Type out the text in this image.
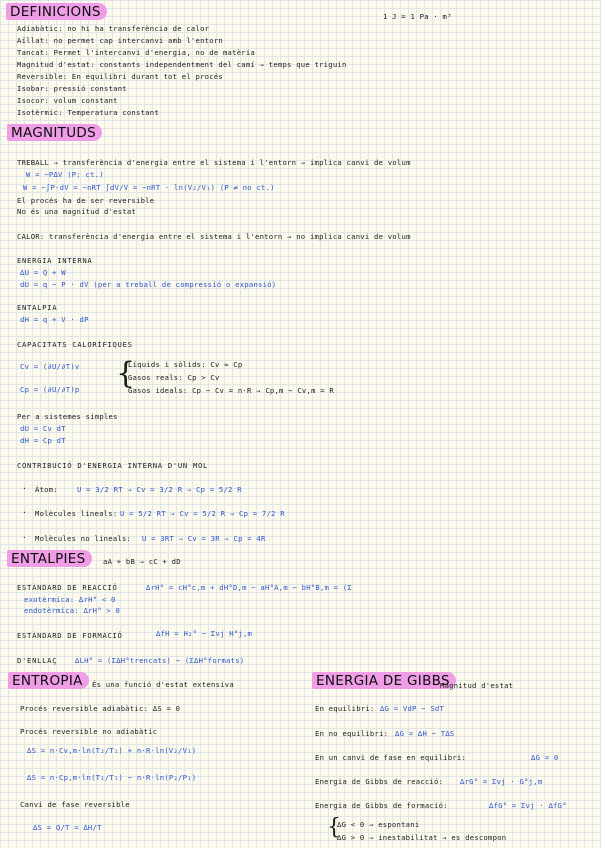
1 J = 1 Pa · m³
DEFINICIONS
Adiabàtic: no hi ha transferència de calor
Aïllat: no permet cap intercanvi amb l'entorn
Tancat: Permet l'intercanvi d'energia, no de matèria
Magnitud d'estat: constants independentment del camí → temps que triguin
Reversible: En equilibri durant tot el procés
Isobar: pressió constant
Isocor: volum constant
Isotèrmic: Temperatura constant
MAGNITUDS
TREBALL → transferència d'energia entre el sistema i l'entorn → implica canvi de volum
W = −P∆V (P: ct.)
W = −∫P·dV = −nRT ∫dV/V = −nRT · ln(V₂/V₁) (P ≠ no ct.)
El procés ha de ser reversible
No és una magnitud d'estat
CALOR: transferència d'energia entre el sistema i l'entorn → no implica canvi de volum
ENERGIA INTERNA
∆U = Q + W
dU = q − P · dV (per a treball de compressió o expansió)
ENTALPIA
dH = q + V · dP
CAPACITATS CALORÍFIQUES
Cv = (∂U/∂T)v
Cp = (∂U/∂T)p {
Líquids i sòlids: Cv ≈ Cp
Gasos reals: Cp > Cv
Gasos ideals: Cp − Cv = n·R → Cp,m − Cv,m = R
Per a sistemes simples
dU = Cv dT
dH = Cp dT
CONTRIBUCIÓ D'ENERGIA INTERNA D'UN MOL
· Àtom:	U = 3/2 RT → Cv = 3/2 R → Cp = 5/2 R
· Molècules lineals: U = 5/2 RT → Cv = 5/2 R → Cp = 7/2 R
· Molècules no lineals: U = 3RT → Cv = 3R → Cp = 4R
ENTALPIES	aA + bB → cC + dD
ESTÀNDARD DE REACCIÓ	∆rH° = cH°c,m + dH°D,m − aH°A,m − bH°B,m = (Σ
exotèrmica: ∆rH° < 0
endotèrmica: ∆rH° > 0
ESTÀNDARD DE FORMACIÓ	∆fH = H₂° − Σνj H°j,m
D'ENLLAÇ ∆LH° = (Σ∆H°trencats) − (Σ∆H°formats)
ENTROPIA	És una funció d'estat extensiva
Procés reversible adiabàtic: ∆S = 0
Procés reversible no adiabàtic
∆S = n·Cv,m·ln(T₂/T₁) + n·R·ln(V₂/V₁)
∆S = n·Cp,m·ln(T₂/T₁) − n·R·ln(P₂/P₁)
Canvi de fase reversible
∆S = Q/T = ∆H/T
ENERGIA DE GIBBS
Magnitud d'estat
En equilibri: ∆G = VdP − SdT
En no equilibri: ∆G = ∆H − T∆S
En un canvi de fase en equilibri:	∆G = 0
Energia de Gibbs de reacció: ∆rG° = Σνj · G°j,m
Energia de Gibbs de formació:	∆fG° = Σνj · ∆fG°
{
∆G < 0 → espontani
∆G > 0 → inestabilitat → es descompon
